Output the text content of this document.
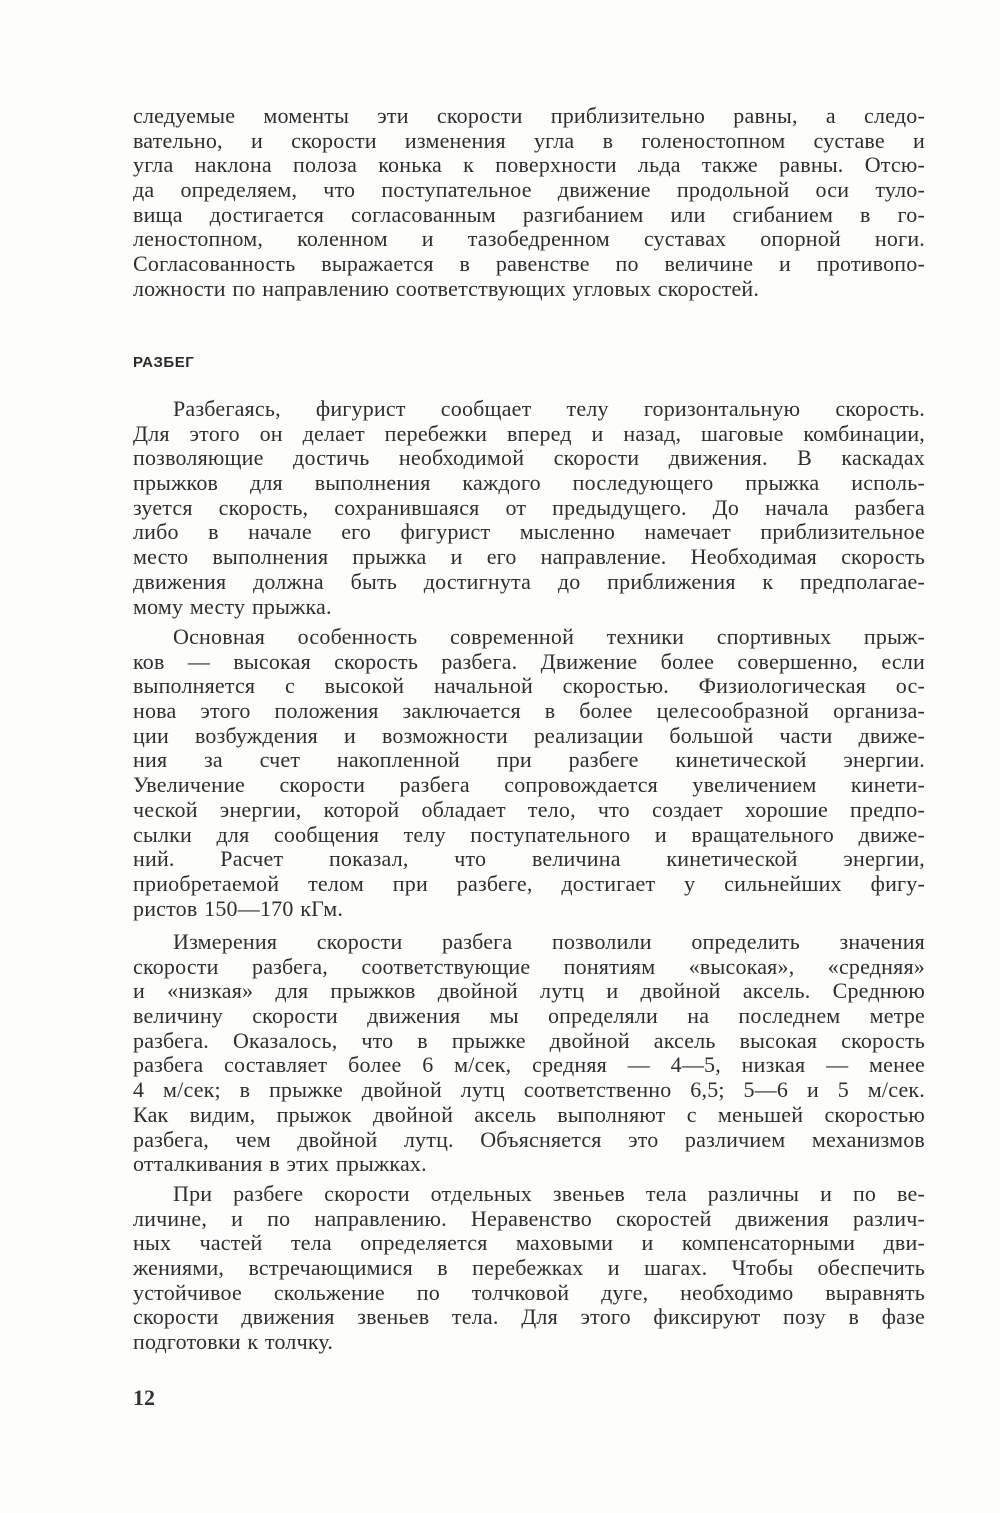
следуемые моменты эти скорости приблизительно равны, а следо-
вательно, и скорости изменения угла в голеностопном суставе и
угла наклона полоза конька к поверхности льда также равны. Отсю-
да определяем, что поступательное движение продольной оси туло-
вища достигается согласованным разгибанием или сгибанием в го-
леностопном, коленном и тазобедренном суставах опорной ноги.
Согласованность выражается в равенстве по величине и противопо-
ложности по направлению соответствующих угловых скоростей.
РАЗБЕГ
Разбегаясь, фигурист сообщает телу горизонтальную скорость.
Для этого он делает перебежки вперед и назад, шаговые комбинации,
позволяющие достичь необходимой скорости движения. В каскадах
прыжков для выполнения каждого последующего прыжка исполь-
зуется скорость, сохранившаяся от предыдущего. До начала разбега
либо в начале его фигурист мысленно намечает приблизительное
место выполнения прыжка и его направление. Необходимая скорость
движения должна быть достигнута до приближения к предполагае-
мому месту прыжка.
Основная особенность современной техники спортивных прыж-
ков — высокая скорость разбега. Движение более совершенно, если
выполняется с высокой начальной скоростью. Физиологическая ос-
нова этого положения заключается в более целесообразной организа-
ции возбуждения и возможности реализации большой части движе-
ния за счет накопленной при разбеге кинетической энергии.
Увеличение скорости разбега сопровождается увеличением кинети-
ческой энергии, которой обладает тело, что создает хорошие предпо-
сылки для сообщения телу поступательного и вращательного движе-
ний. Расчет показал, что величина кинетической энергии,
приобретаемой телом при разбеге, достигает у сильнейших фигу-
ристов 150—170 кГм.
Измерения скорости разбега позволили определить значения
скорости разбега, соответствующие понятиям «высокая», «средняя»
и «низкая» для прыжков двойной лутц и двойной аксель. Среднюю
величину скорости движения мы определяли на последнем метре
разбега. Оказалось, что в прыжке двойной аксель высокая скорость
разбега составляет более 6 м/сек, средняя — 4—5, низкая — менее
4 м/сек; в прыжке двойной лутц соответственно 6,5; 5—6 и 5 м/сек.
Как видим, прыжок двойной аксель выполняют с меньшей скоростью
разбега, чем двойной лутц. Объясняется это различием механизмов
отталкивания в этих прыжках.
При разбеге скорости отдельных звеньев тела различны и по ве-
личине, и по направлению. Неравенство скоростей движения различ-
ных частей тела определяется маховыми и компенсаторными дви-
жениями, встречающимися в перебежках и шагах. Чтобы обеспечить
устойчивое скольжение по толчковой дуге, необходимо выравнять
скорости движения звеньев тела. Для этого фиксируют позу в фазе
подготовки к толчку.
12
